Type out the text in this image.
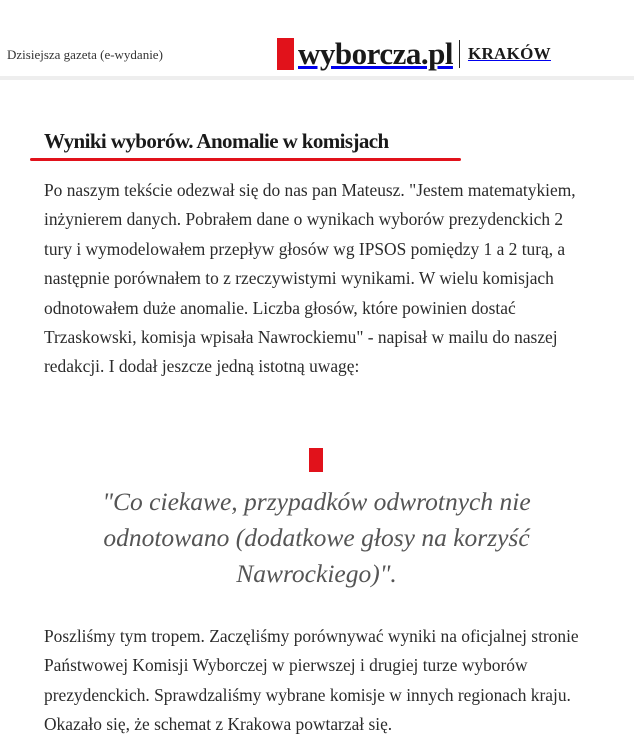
Dzisiejsza gazeta (e-wydanie)	wyborcza.pl KRAKÓW
Wyniki wyborów. Anomalie w komisjach

Po naszym tekście odezwał się do nas pan Mateusz. "Jestem matematykiem, inżynierem danych. Pobrałem dane o wynikach wyborów prezydenckich 2 tury i wymodelowałem przepływ głosów wg IPSOS pomiędzy 1 a 2 turą, a następnie porównałem to z rzeczywistymi wynikami. W wielu komisjach odnotowałem duże anomalie. Liczba głosów, które powinien dostać Trzaskowski, komisja wpisała Nawrockiemu" - napisał w mailu do naszej redakcji. I dodał jeszcze jedną istotną uwagę:

"Co ciekawe, przypadków odwrotnych nie odnotowano (dodatkowe głosy na korzyść Nawrockiego)".

Poszliśmy tym tropem. Zaczęliśmy porównywać wyniki na oficjalnej stronie Państwowej Komisji Wyborczej w pierwszej i drugiej turze wyborów prezydenckich. Sprawdzaliśmy wybrane komisje w innych regionach kraju. Okazało się, że schemat z Krakowa powtarzał się.
